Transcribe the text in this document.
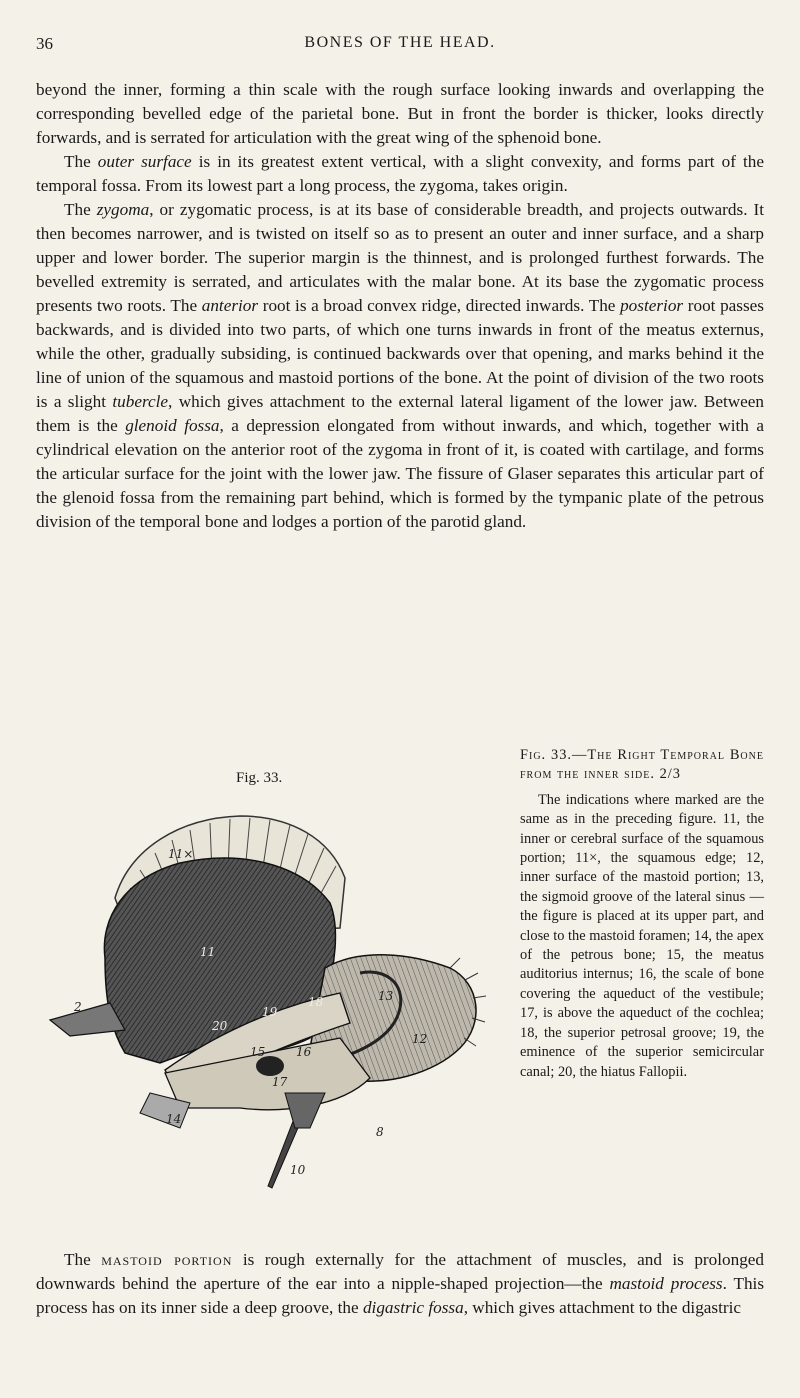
36	BONES OF THE HEAD.

beyond the inner, forming a thin scale with the rough surface looking inwards and overlapping the corresponding bevelled edge of the parietal bone. But in front the border is thicker, looks directly forwards, and is serrated for articulation with the great wing of the sphenoid bone.

The outer surface is in its greatest extent vertical, with a slight convexity, and forms part of the temporal fossa. From its lowest part a long process, the zygoma, takes origin.

The zygoma, or zygomatic process, is at its base of considerable breadth, and projects outwards. It then becomes narrower, and is twisted on itself so as to present an outer and inner surface, and a sharp upper and lower border. The superior margin is the thinnest, and is prolonged furthest forwards. The bevelled extremity is serrated, and articulates with the malar bone. At its base the zygomatic process presents two roots. The anterior root is a broad convex ridge, directed inwards. The posterior root passes backwards, and is divided into two parts, of which one turns inwards in front of the meatus externus, while the other, gradually subsiding, is continued backwards over that opening, and marks behind it the line of union of the squamous and mastoid portions of the bone. At the point of division of the two roots is a slight tubercle, which gives attachment to the external lateral ligament of the lower jaw. Between them is the glenoid fossa, a depression elongated from without inwards, and which, together with a cylindrical elevation on the anterior root of the zygoma in front of it, is coated with cartilage, and forms the articular surface for the joint with the lower jaw. The fissure of Glaser separates this articular part of the glenoid fossa from the remaining part behind, which is formed by the tympanic plate of the petrous division of the temporal bone and lodges a portion of the parotid gland.

Fig. 33.
11×
11
2
20
19
18	13
12
15	16
17
14
8
10

Fig. 33.—The Right Temporal Bone from the inner side. 2/3

The indications where marked are the same as in the preceding figure. 11, the inner or cerebral surface of the squamous portion; 11×, the squamous edge; 12, inner surface of the mastoid portion; 13, the sigmoid groove of the lateral sinus — the figure is placed at its upper part, and close to the mastoid foramen; 14, the apex of the petrous bone; 15, the meatus auditorius internus; 16, the scale of bone covering the aqueduct of the vestibule; 17, is above the aqueduct of the cochlea; 18, the superior petrosal groove; 19, the eminence of the superior semicircular canal; 20, the hiatus Fallopii.

The mastoid portion is rough externally for the attachment of muscles, and is prolonged downwards behind the aperture of the ear into a nipple-shaped projection—the mastoid process. This process has on its inner side a deep groove, the digastric fossa, which gives attachment to the digastric
